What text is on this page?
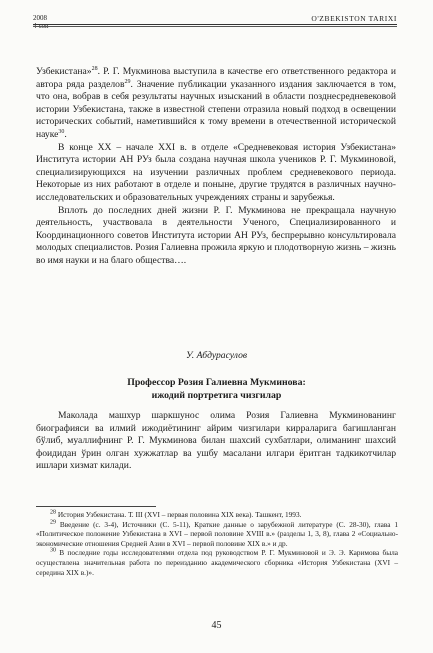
2008
4-son
O'ZBEKISTON TARIXI

Узбекистана»$^{28}$. Р. Г. Мукминова выступила в качестве его ответственного редактора и автора ряда разделов$^{29}$. Значение публикации указанного издания заключается в том, что она, вобрав в себя результаты научных изысканий в области позднесредневековой истории Узбекистана, также в известной степени отразила новый подход в освещении исторических событий, наметившийся к тому времени в отечественной исторической науке$^{30}$.

В конце XX – начале XXI в. в отделе «Средневековая история Узбекистана» Института истории АН РУз была создана научная школа учеников Р. Г. Мукминовой, специализирующихся на изучении различных проблем средневекового периода. Некоторые из них работают в отделе и поныне, другие трудятся в различных научно-исследовательских и образовательных учреждениях страны и зарубежья.

Вплоть до последних дней жизни Р. Г. Мукминова не прекращала научную деятельность, участвовала в деятельности Ученого, Специализированного и Координационного советов Института истории АН РУз, беспрерывно консультировала молодых специалистов. Розия Галиевна прожила яркую и плодотворную жизнь – жизнь во имя науки и на благо общества….

У. Абдурасулов
Профессор Розия Галиевна Мукминова:
ижодий портретига чизгилар

Маколада машхур шаркшунос олима Розия Галиевна Мукминованинг биографияси ва илмий ижодиётининг айрим чизгилари кирраларига багишланган бўлиб, муаллифнинг Р. Г. Мукминова билан шахсий сухбатлари, олиманинг шахсий фоидидан ўрин олган хужжатлар ва ушбу масалани илгари ёритган тадкикотчилар ишлари хизмат килади.

$^{28}$ История Узбекистана. Т. III (XVI – первая половина XIX века). Ташкент, 1993.

$^{29}$ Введение (с. 3-4), Источники (С. 5-11), Краткие данные о зарубежной литературе (С. 28-30), глава 1 «Политическое положение Узбекистана в XVI – первой половине XVIII в.» (разделы 1, 3, 8), глава 2 «Социально-экономические отношения Средней Азии в XVI – первой половине XIX в.» и др.

$^{30}$ В последние годы исследователями отдела под руководством Р. Г. Мукминовой и Э. Э. Каримова была осуществлена значительная работа по переизданию академического сборника «История Узбекистана (XVI – середина XIX в.)».

45
